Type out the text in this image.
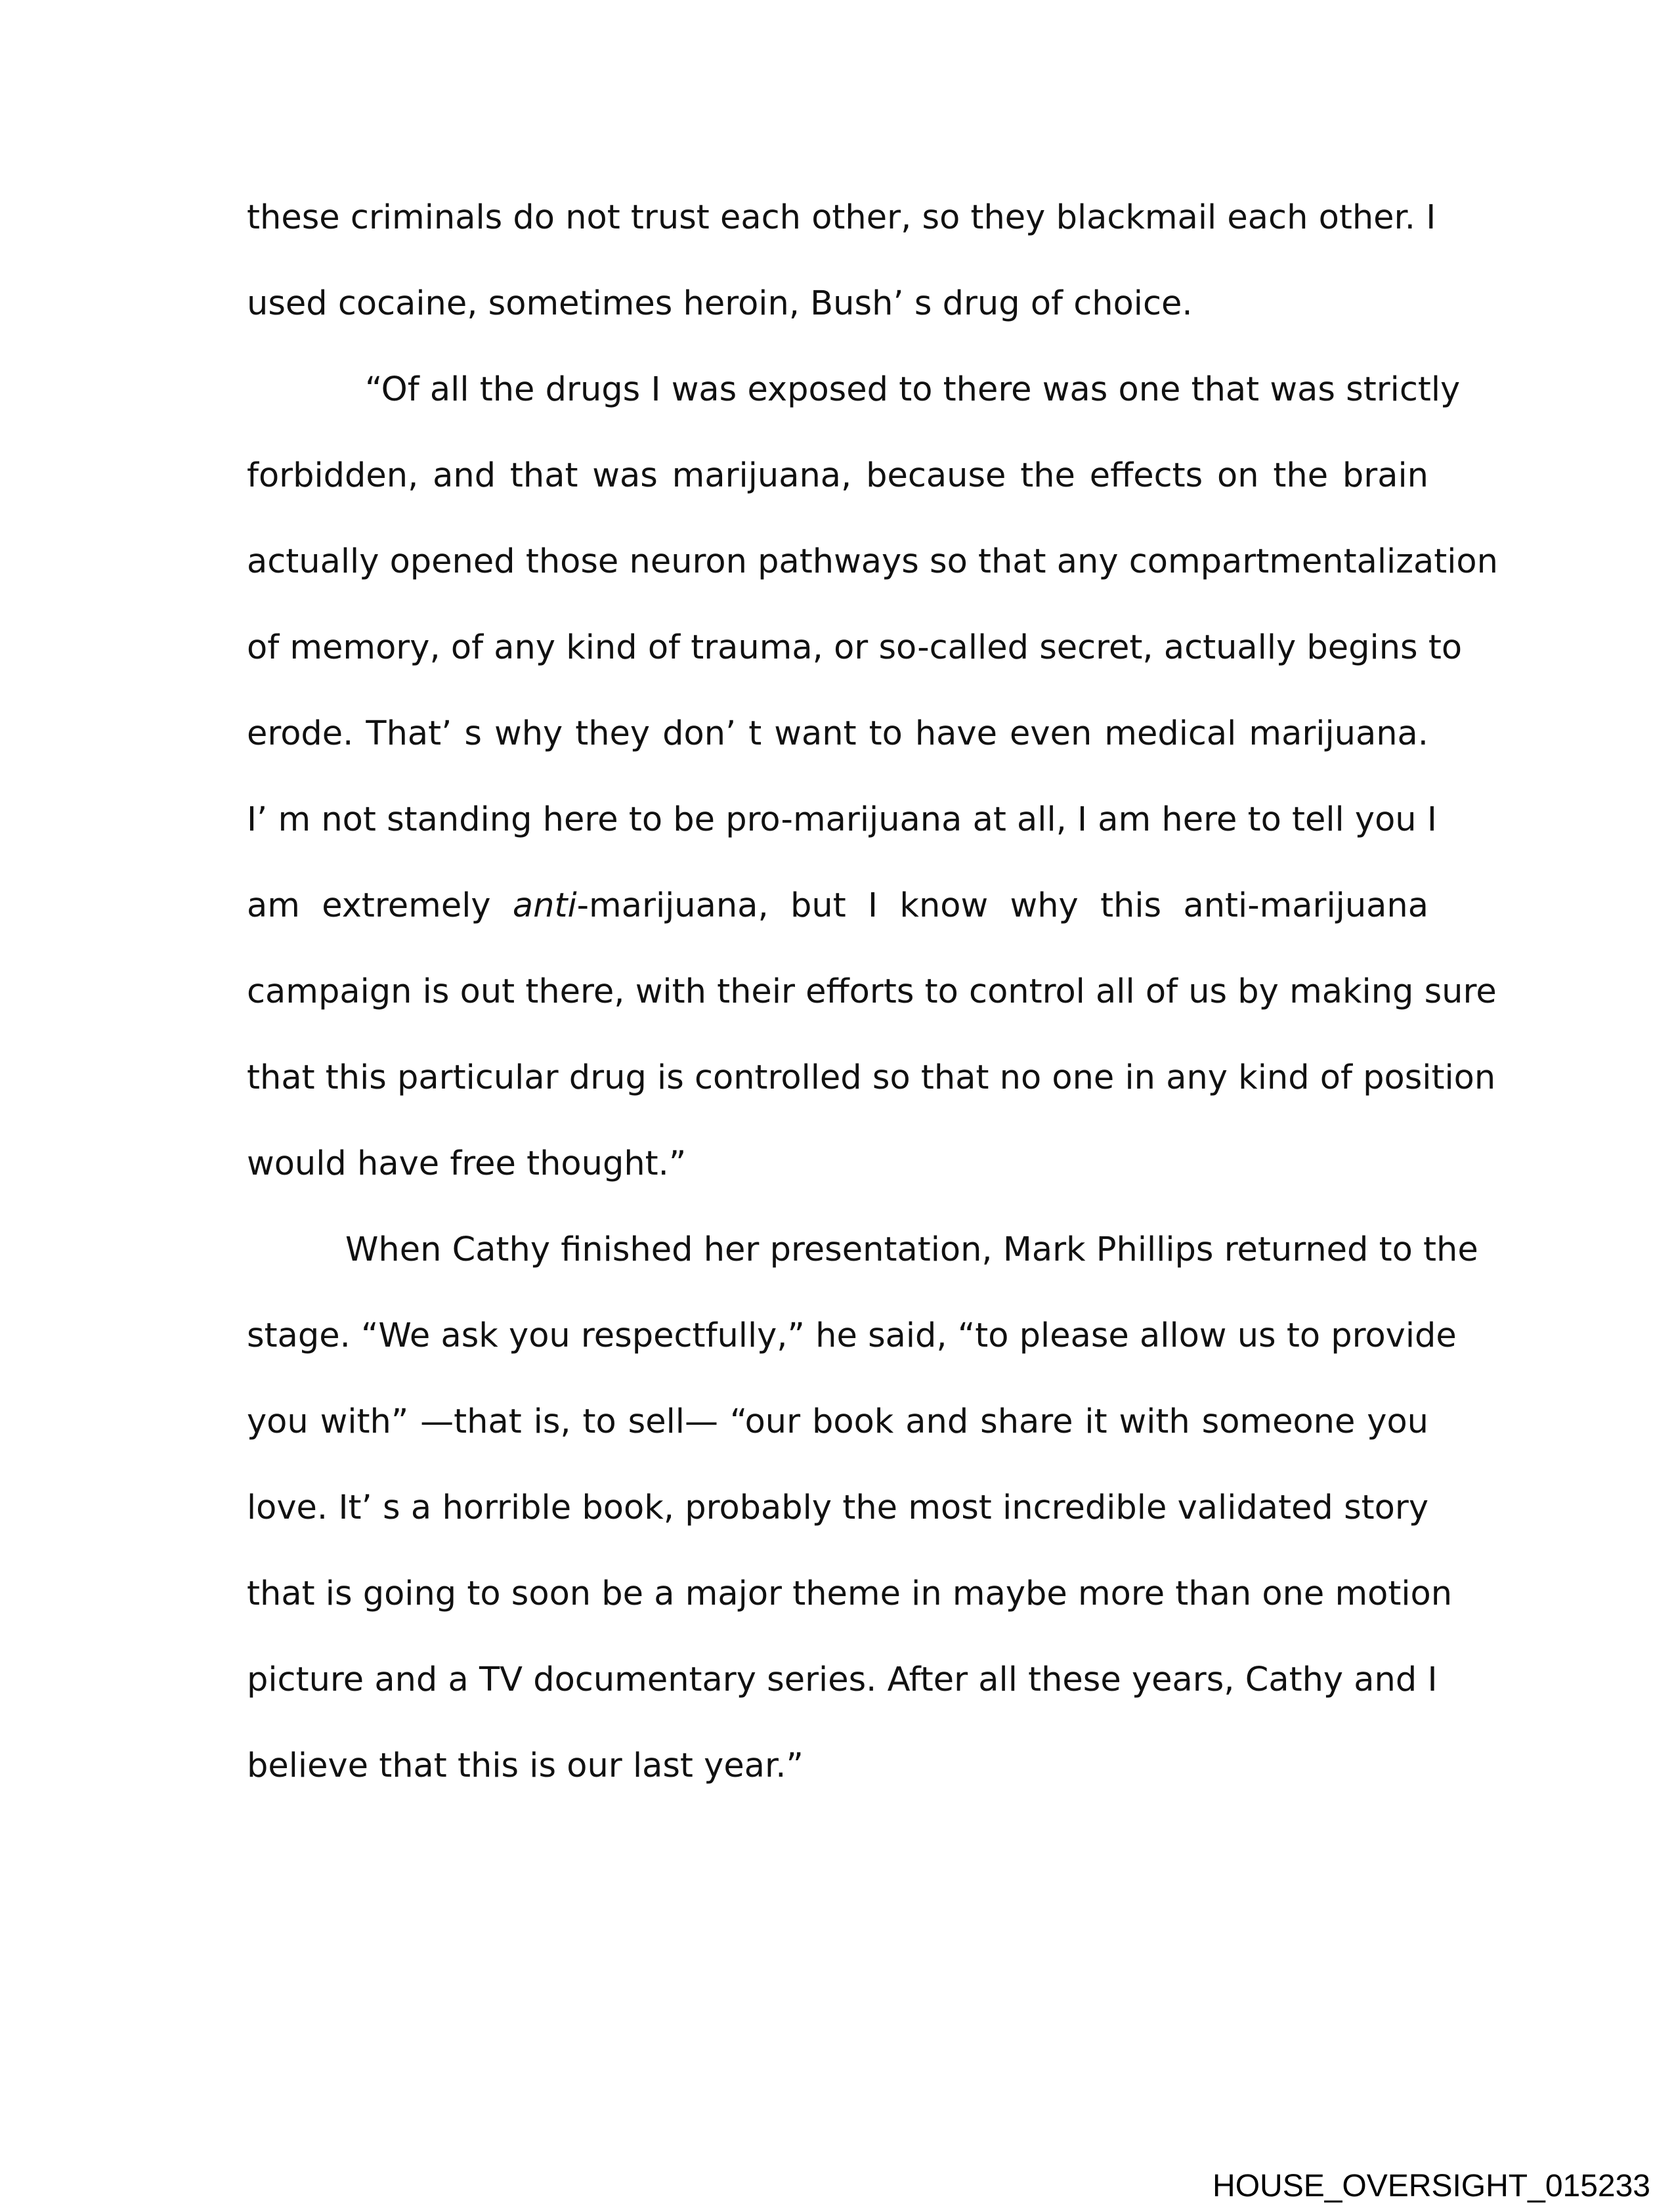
these criminals do not trust each other, so they blackmail each other. I
used cocaine, sometimes heroin, Bush’ s drug of choice.
“Of all the drugs I was exposed to there was one that was strictly
forbidden, and that was marijuana, because the effects on the brain
actually opened those neuron pathways so that any compartmentalization
of memory, of any kind of trauma, or so-called secret, actually begins to
erode. That’ s why they don’ t want to have even medical marijuana.
I’ m not standing here to be pro-marijuana at all, I am here to tell you I
am extremely anti-marijuana, but I know why this anti-marijuana
campaign is out there, with their efforts to control all of us by making sure
that this particular drug is controlled so that no one in any kind of position
would have free thought.”
When Cathy finished her presentation, Mark Phillips returned to the
stage. “We ask you respectfully,” he said, “to please allow us to provide
you with” —that is, to sell— “our book and share it with someone you
love. It’ s a horrible book, probably the most incredible validated story
that is going to soon be a major theme in maybe more than one motion
picture and a TV documentary series. After all these years, Cathy and I
believe that this is our last year.”
HOUSE_OVERSIGHT_015233
